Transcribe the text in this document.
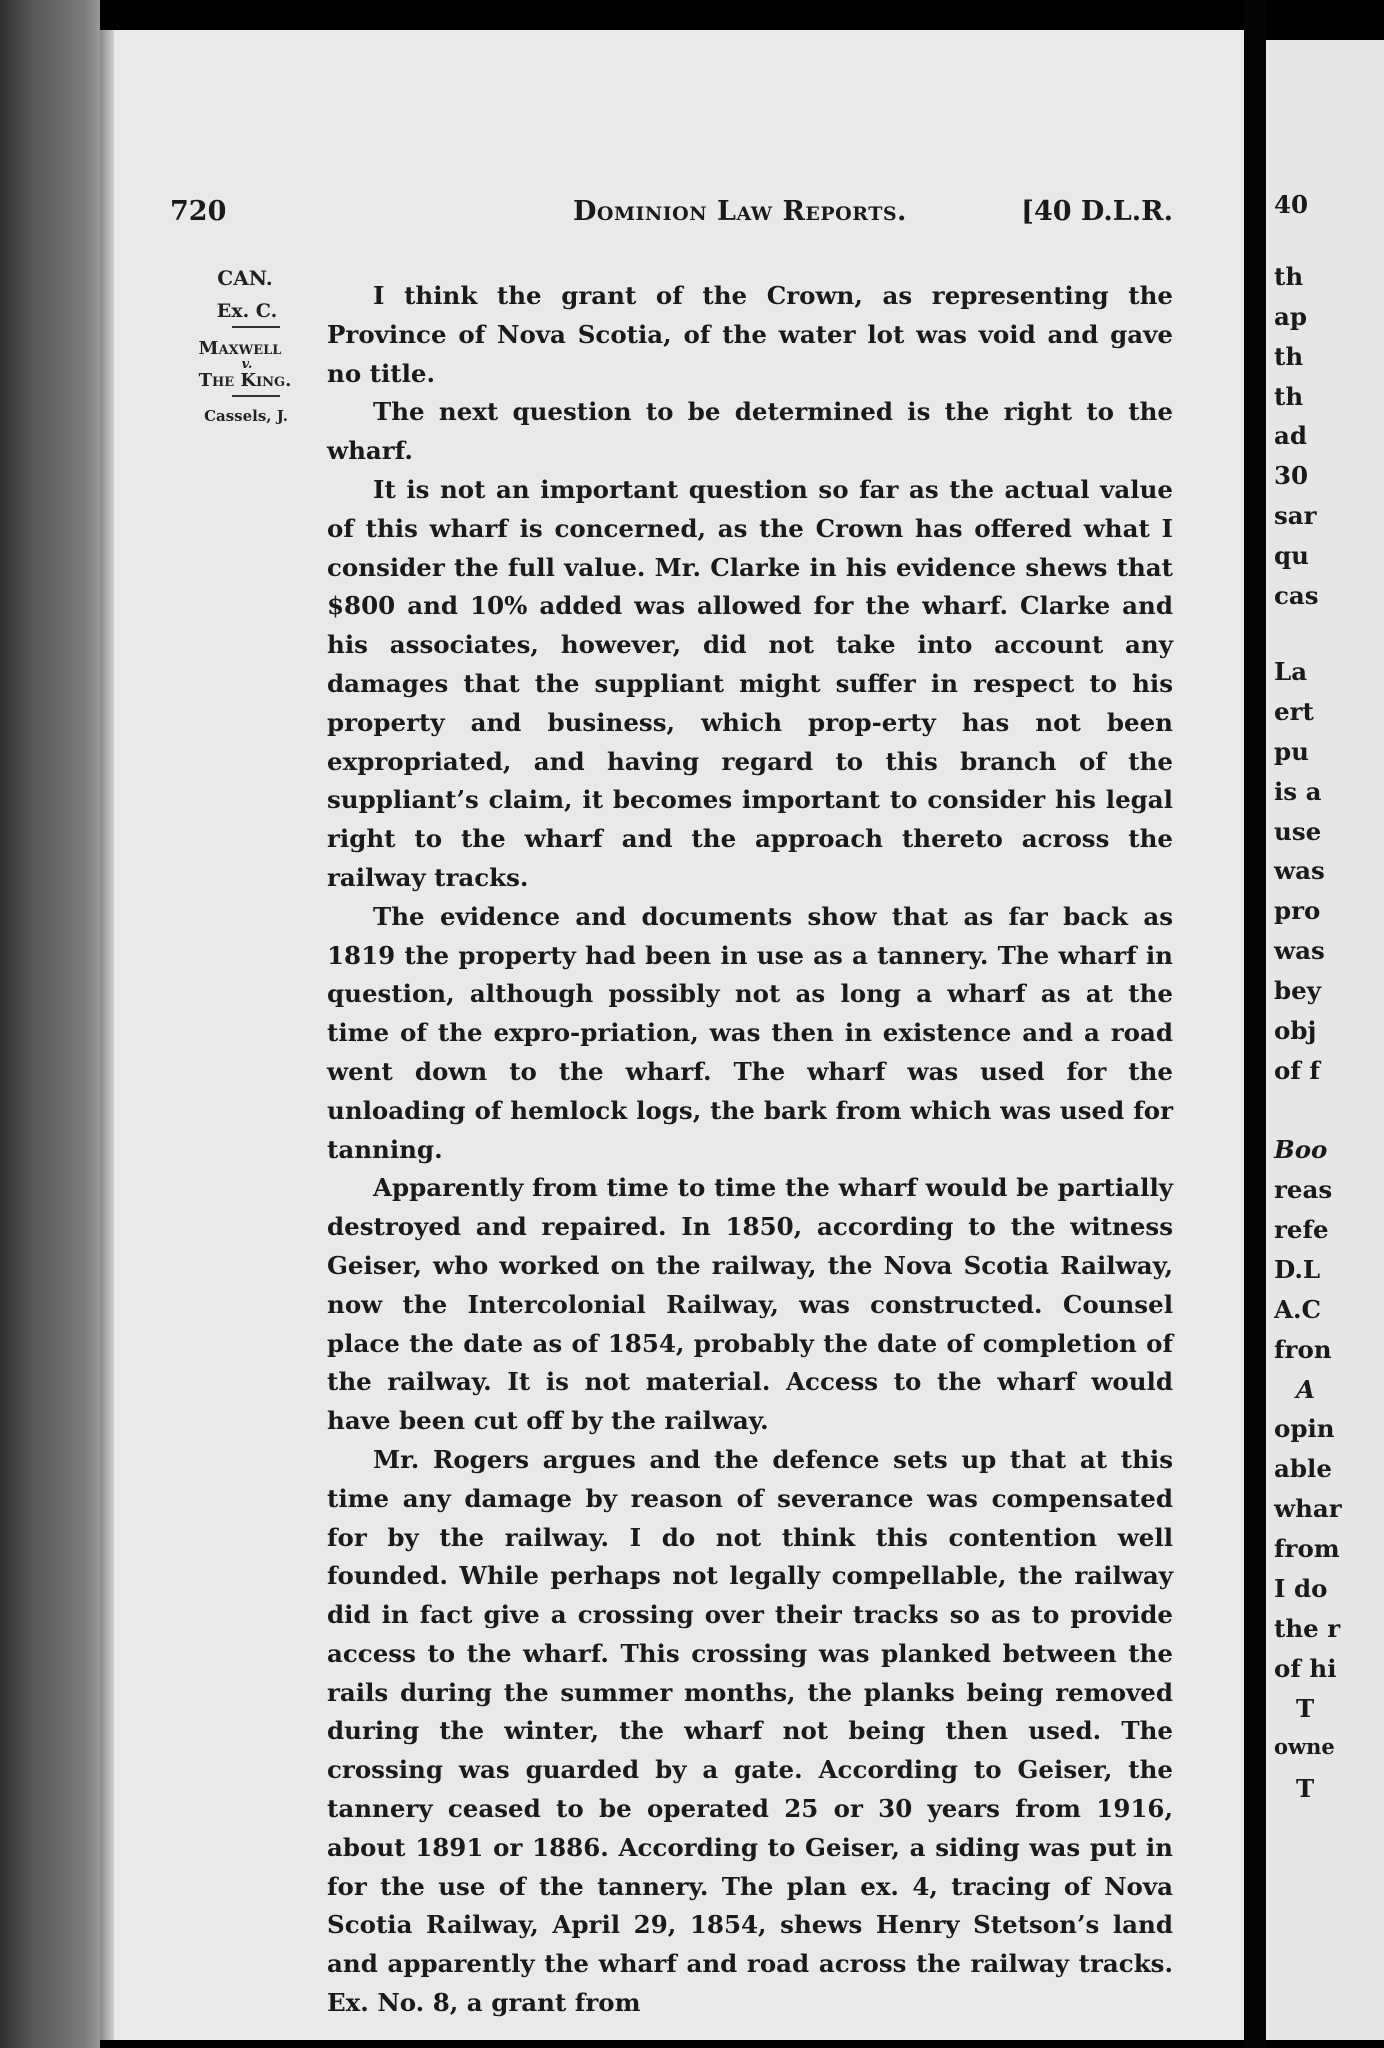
40
th
ap
th
th
ad
30
sar
qu
cas
La
ert
pu
is a
use
was
pro
was
bey
obj
of f
Boo
reas
refe
D.L
A.C
fron
A
opin
able
whar
from
I do
the r
of hi
T
owne
T
720	Dominion Law Reports.	[40 D.L.R.
CAN.
Ex. C.
Maxwell
v.
The King.
Cassels, J.

I think the grant of the Crown, as representing the Province of Nova Scotia, of the water lot was void and gave no title.

The next question to be determined is the right to the wharf.

It is not an important question so far as the actual value of this wharf is concerned, as the Crown has offered what I consider the full value. Mr. Clarke in his evidence shews that $800 and 10% added was allowed for the wharf. Clarke and his associates, however, did not take into account any damages that the suppliant might suffer in respect to his property and business, which prop-erty has not been expropriated, and having regard to this branch of the suppliant’s claim, it becomes important to consider his legal right to the wharf and the approach thereto across the railway tracks.

The evidence and documents show that as far back as 1819 the property had been in use as a tannery. The wharf in question, although possibly not as long a wharf as at the time of the expro-priation, was then in existence and a road went down to the wharf. The wharf was used for the unloading of hemlock logs, the bark from which was used for tanning.

Apparently from time to time the wharf would be partially destroyed and repaired. In 1850, according to the witness Geiser, who worked on the railway, the Nova Scotia Railway, now the Intercolonial Railway, was constructed. Counsel place the date as of 1854, probably the date of completion of the railway. It is not material. Access to the wharf would have been cut off by the railway.

Mr. Rogers argues and the defence sets up that at this time any damage by reason of severance was compensated for by the railway. I do not think this contention well founded. While perhaps not legally compellable, the railway did in fact give a crossing over their tracks so as to provide access to the wharf. This crossing was planked between the rails during the summer months, the planks being removed during the winter, the wharf not being then used. The crossing was guarded by a gate. According to Geiser, the tannery ceased to be operated 25 or 30 years from 1916, about 1891 or 1886. According to Geiser, a siding was put in for the use of the tannery. The plan ex. 4, tracing of Nova Scotia Railway, April 29, 1854, shews Henry Stetson’s land and apparently the wharf and road across the railway tracks. Ex. No. 8, a grant from
